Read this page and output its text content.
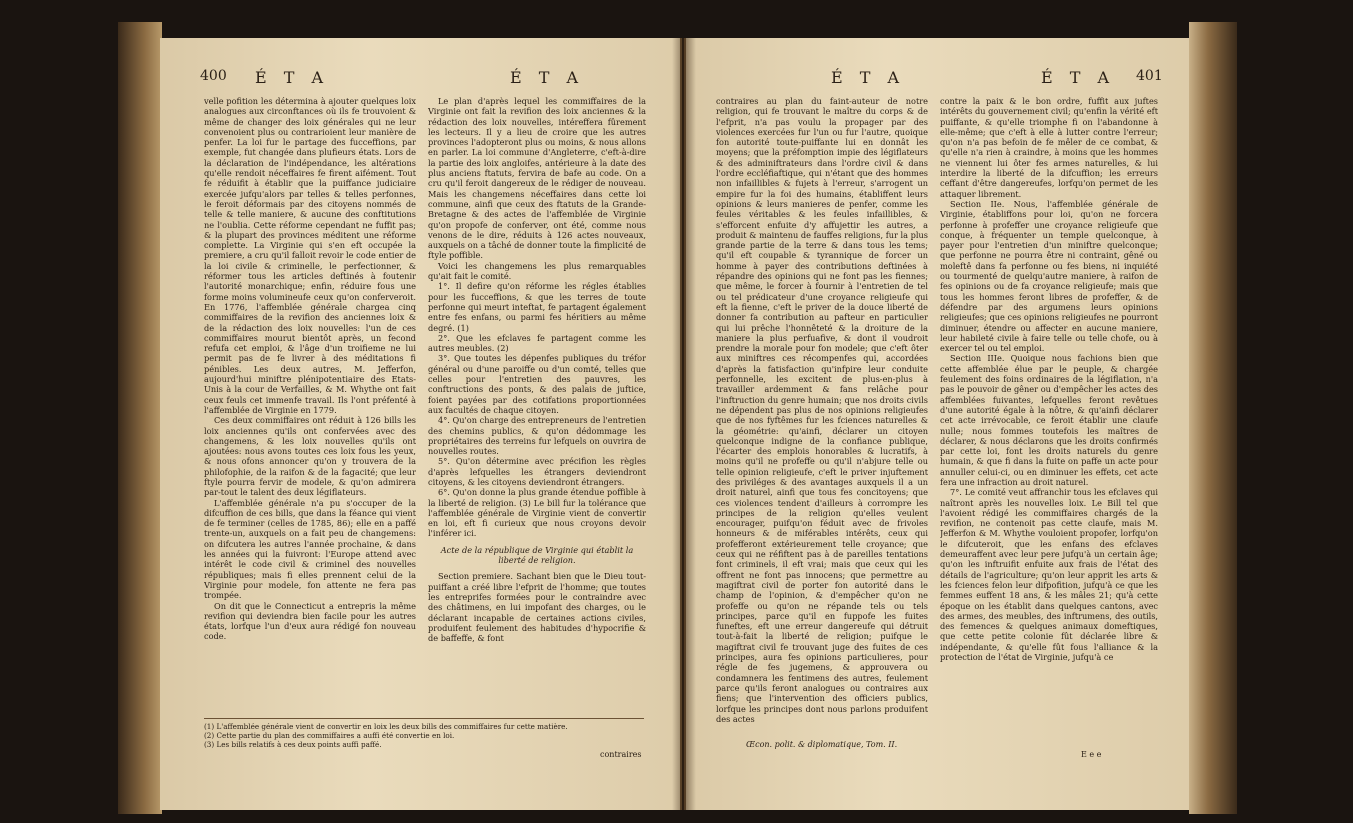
400 É T A	É T A

velle pofition les détermina à ajouter quelques loix analogues aux circonftances où ils fe trouvoient & même de changer des loix générales qui ne leur convenoient plus ou contrarioient leur manière de penfer. La loi fur le partage des fucceffions, par exemple, fut changée dans plufieurs états. Lors de la déclaration de l'indépendance, les altérations qu'elle rendoit néceffaires fe firent aifément. Tout fe réduifit à établir que la puiffance judiciaire exercée jufqu'alors par telles & telles perfonnes, le feroit déformais par des citoyens nommés de telle & telle maniere, & aucune des conftitutions ne l'oublia. Cette réforme cependant ne fuffit pas; & la plupart des provinces méditent une réforme complette. La Virginie qui s'en eft occupée la premiere, a cru qu'il falloit revoir le code entier de la loi civile & criminelle, le perfectionner, & réformer tous les articles deftinés à foutenir l'autorité monarchique; enfin, réduire fous une forme moins volumineufe ceux qu'on conferveroit. En 1776, l'affemblée générale chargea cinq commiffaires de la revifion des anciennes loix & de la rédaction des loix nouvelles: l'un de ces commiffaires mourut bientôt après, un fecond refufa cet emploi, & l'âge d'un troifieme ne lui permit pas de fe livrer à des méditations fi pénibles. Les deux autres, M. Jefferfon, aujourd'hui miniftre plénipotentiaire des Etats-Unis à la cour de Verfailles, & M. Whythe ont fait ceux feuls cet immenfe travail. Ils l'ont préfenté à l'affemblée de Virginie en 1779.

Ces deux commiffaires ont réduit à 126 bills les loix anciennes qu'ils ont confervées avec des changemens, & les loix nouvelles qu'ils ont ajoutées: nous avons toutes ces loix fous les yeux, & nous ofons annoncer qu'on y trouvera de la philofophie, de la raifon & de la fagacité; que leur ftyle pourra fervir de modele, & qu'on admirera par-tout le talent des deux légiflateurs.

L'affemblée générale n'a pu s'occuper de la difcuffion de ces bills, que dans la féance qui vient de fe terminer (celles de 1785, 86); elle en a paffé trente-un, auxquels on a fait peu de changemens: on difcutera les autres l'année prochaine, & dans les années qui la fuivront: l'Europe attend avec intérêt le code civil & criminel des nouvelles républiques; mais fi elles prennent celui de la Virginie pour modele, fon attente ne fera pas trompée.

On dit que le Connecticut a entrepris la même revifion qui deviendra bien facile pour les autres états, lorfque l'un d'eux aura rédigé fon nouveau code.

Le plan d'après lequel les commiffaires de la Virginie ont fait la revifion des loix anciennes & la rédaction des loix nouvelles, intéreffera fûrement les lecteurs. Il y a lieu de croire que les autres provinces l'adopteront plus ou moins, & nous allons en parler. La loi commune d'Angleterre, c'eft-à-dire la partie des loix angloifes, antérieure à la date des plus anciens ftatuts, fervira de bafe au code. On a cru qu'il feroit dangereux de le rédiger de nouveau. Mais les changemens néceffaires dans cette loi commune, ainfi que ceux des ftatuts de la Grande-Bretagne & des actes de l'affemblée de Virginie qu'on propofe de conferver, ont été, comme nous venons de le dire, réduits à 126 actes nouveaux, auxquels on a tâché de donner toute la fimplicité de ftyle poffible.

Voici les changemens les plus remarquables qu'ait fait le comité.

1°. Il defire qu'on réforme les régles établies pour les fucceffions, & que les terres de toute perfonne qui meurt inteftat, fe partagent également entre fes enfans, ou parmi fes héritiers au même degré. (1)

2°. Que les efclaves fe partagent comme les autres meubles. (2)

3°. Que toutes les dépenfes publiques du tréfor général ou d'une paroiffe ou d'un comté, telles que celles pour l'entretien des pauvres, les conftructions des ponts, & des palais de juftice, foient payées par des cotifations proportionnées aux facultés de chaque citoyen.

4°. Qu'on charge des entrepreneurs de l'entretien des chemins publics, & qu'on dédommage les propriétaires des terreins fur lefquels on ouvrira de nouvelles routes.

5°. Qu'on détermine avec précifion les règles d'après lefquelles les étrangers deviendront citoyens, & les citoyens deviendront étrangers.

6°. Qu'on donne la plus grande étendue poffible à la liberté de religion. (3) Le bill fur la tolérance que l'affemblée générale de Virginie vient de convertir en loi, eft fi curieux que nous croyons devoir l'inférer ici.

Acte de la république de Virginie qui établit la liberté de religion.

Section premiere. Sachant bien que le Dieu tout-puiffant a créé libre l'efprit de l'homme; que toutes les entreprifes formées pour le contraindre avec des châtimens, en lui impofant des charges, ou le déclarant incapable de certaines actions civiles, produifent feulement des habitudes d'hypocrifie & de baffeffe, & font

(1) L'affemblée générale vient de convertir en loix les deux bills des commiffaires fur cette matière.
(2) Cette partie du plan des commiffaires a auffi été convertie en loi.
(3) Les bills relatifs à ces deux points auffi paffé.
contraires
É T A	É T A 401

contraires au plan du faint-auteur de notre religion, qui fe trouvant le maître du corps & de l'efprit, n'a pas voulu la propager par des violences exercées fur l'un ou fur l'autre, quoique fon autorité toute-puiffante lui en donnât les moyens; que la préfomption impie des légiflateurs & des adminiftrateurs dans l'ordre civil & dans l'ordre eccléfiaftique, qui n'étant que des hommes non infaillibles & fujets à l'erreur, s'arrogent un empire fur la foi des humains, établiffent leurs opinions & leurs manieres de penfer, comme les feules véritables & les feules infaillibles, & s'efforcent enfuite d'y affujettir les autres, a produit & maintenu de fauffes religions, fur la plus grande partie de la terre & dans tous les tems; qu'il eft coupable & tyrannique de forcer un homme à payer des contributions deftinées à répandre des opinions qui ne font pas les fiennes; que même, le forcer à fournir à l'entretien de tel ou tel prédicateur d'une croyance religieufe qui eft la fienne, c'eft le priver de la douce liberté de donner fa contribution au pafteur en particulier qui lui prêche l'honnêteté & la droiture de la maniere la plus perfuafive, & dont il voudroit prendre la morale pour fon modele; que c'eft ôter aux miniftres ces récompenfes qui, accordées d'après la fatisfaction qu'infpire leur conduite perfonnelle, les excitent de plus-en-plus à travailler ardemment & fans relâche pour l'inftruction du genre humain; que nos droits civils ne dépendent pas plus de nos opinions religieufes que de nos fyftêmes fur les fciences naturelles & la géométrie: qu'ainfi, déclarer un citoyen quelconque indigne de la confiance publique, l'écarter des emplois honorables & lucratifs, à moins qu'il ne profeffe ou qu'il n'abjure telle ou telle opinion religieufe, c'eft le priver injuftement des priviléges & des avantages auxquels il a un droit naturel, ainfi que tous fes concitoyens; que ces violences tendent d'ailleurs à corrompre les principes de la religion qu'elles veulent encourager, puifqu'on féduit avec de frivoles honneurs & de miférables intérêts, ceux qui profefferont extérieurement telle croyance; que ceux qui ne réfiftent pas à de pareilles tentations font criminels, il eft vrai; mais que ceux qui les offrent ne font pas innocens; que permettre au magiftrat civil de porter fon autorité dans le champ de l'opinion, & d'empêcher qu'on ne profeffe ou qu'on ne répande tels ou tels principes, parce qu'il en fuppofe les fuites funeftes, eft une erreur dangereufe qui détruit tout-à-fait la liberté de religion; puifque le magiftrat civil fe trouvant juge des fuites de ces principes, aura fes opinions particulieres, pour régle de fes jugemens, & approuvera ou condamnera les fentimens des autres, feulement parce qu'ils feront analogues ou contraires aux fiens; que l'intervention des officiers publics, lorfque les principes dont nous parlons produifent des actes

contre la paix & le bon ordre, fuffit aux juftes intérêts du gouvernement civil; qu'enfin la vérité eft puiffante, & qu'elle triomphe fi on l'abandonne à elle-même; que c'eft à elle à lutter contre l'erreur; qu'on n'a pas befoin de fe mêler de ce combat, & qu'elle n'a rien à craindre, à moins que les hommes ne viennent lui ôter fes armes naturelles, & lui interdire la liberté de la difcuffion; les erreurs ceffant d'être dangereufes, lorfqu'on permet de les attaquer librement.

Section IIe. Nous, l'affemblée générale de Virginie, établiffons pour loi, qu'on ne forcera perfonne à profeffer une croyance religieufe que conque, à fréquenter un temple quelconque, à payer pour l'entretien d'un miniftre quelconque; que perfonne ne pourra être ni contraint, gêné ou moleftê dans fa perfonne ou fes biens, ni inquiété ou tourmenté de quelqu'autre maniere, à raifon de fes opinions ou de fa croyance religieufe; mais que tous les hommes feront libres de profeffer, & de défendre par des argumens leurs opinions religieufes; que ces opinions religieufes ne pourront diminuer, étendre ou affecter en aucune maniere, leur habileté civile à faire telle ou telle chofe, ou à exercer tel ou tel emploi.

Section IIIe. Quoique nous fachions bien que cette affemblée élue par le peuple, & chargée feulement des foins ordinaires de la légiflation, n'a pas le pouvoir de gêner ou d'empêcher les actes des affemblées fuivantes, lefquelles feront revêtues d'une autorité égale à la nôtre, & qu'ainfi déclarer cet acte irrévocable, ce feroit établir une claufe nulle; nous fommes toutefois les maîtres de déclarer, & nous déclarons que les droits confirmés par cette loi, font les droits naturels du genre humain, & que fi dans la fuite on paffe un acte pour annuller celui-ci, ou en diminuer les effets, cet acte fera une infraction au droit naturel.

7°. Le comité veut affranchir tous les efclaves qui naîtront après les nouvelles loix. Le Bill tel que l'avoient rédigé les commiffaires chargés de la revifion, ne contenoit pas cette claufe, mais M. Jefferfon & M. Whythe vouloient propofer, lorfqu'on le difcuteroit, que les enfans des efclaves demeuraffent avec leur pere jufqu'à un certain âge; qu'on les inftruifit enfuite aux frais de l'état des détails de l'agriculture; qu'on leur apprit les arts & les fciences felon leur difpofition, jufqu'à ce que les femmes euffent 18 ans, & les mâles 21; qu'à cette époque on les établit dans quelques cantons, avec des armes, des meubles, des inftrumens, des outils, des femences & quelques animaux domeftiques, que cette petite colonie fût déclarée libre & indépendante, & qu'elle fût fous l'alliance & la protection de l'état de Virginie, jufqu'à ce

Œcon. polit. & diplomatique, Tom. II.
E e e
